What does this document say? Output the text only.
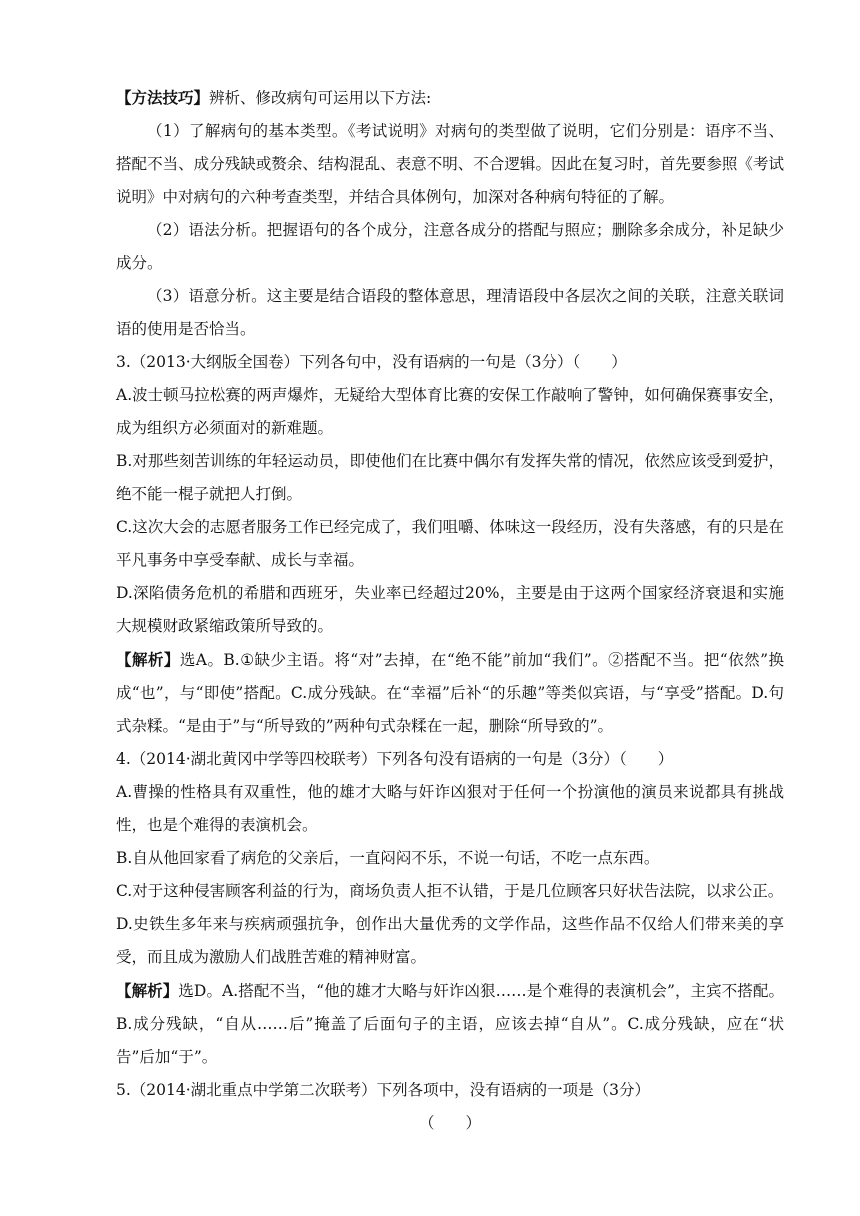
【方法技巧】辨析、修改病句可运用以下方法:

（1）了解病句的基本类型。《考试说明》对病句的类型做了说明，它们分别是：语序不当、搭配不当、成分残缺或赘余、结构混乱、表意不明、不合逻辑。因此在复习时，首先要参照《考试说明》中对病句的六种考查类型，并结合具体例句，加深对各种病句特征的了解。

（2）语法分析。把握语句的各个成分，注意各成分的搭配与照应；删除多余成分，补足缺少成分。

（3）语意分析。这主要是结合语段的整体意思，理清语段中各层次之间的关联，注意关联词语的使用是否恰当。

3.（2013·大纲版全国卷）下列各句中，没有语病的一句是（3分）（　　）

A.波士顿马拉松赛的两声爆炸，无疑给大型体育比赛的安保工作敲响了警钟，如何确保赛事安全，成为组织方必须面对的新难题。

B.对那些刻苦训练的年轻运动员，即使他们在比赛中偶尔有发挥失常的情况，依然应该受到爱护，绝不能一棍子就把人打倒。

C.这次大会的志愿者服务工作已经完成了，我们咀嚼、体味这一段经历，没有失落感，有的只是在平凡事务中享受奉献、成长与幸福。

D.深陷债务危机的希腊和西班牙，失业率已经超过20%，主要是由于这两个国家经济衰退和实施大规模财政紧缩政策所导致的。

【解析】选A。B.①缺少主语。将“对”去掉，在“绝不能”前加“我们”。②搭配不当。把“依然”换成“也”，与“即使”搭配。C.成分残缺。在“幸福”后补“的乐趣”等类似宾语，与“享受”搭配。D.句式杂糅。“是由于”与“所导致的”两种句式杂糅在一起，删除“所导致的”。

4.（2014·湖北黄冈中学等四校联考）下列各句没有语病的一句是（3分）（　　）

A.曹操的性格具有双重性，他的雄才大略与奸诈凶狠对于任何一个扮演他的演员来说都具有挑战性，也是个难得的表演机会。

B.自从他回家看了病危的父亲后，一直闷闷不乐，不说一句话，不吃一点东西。

C.对于这种侵害顾客利益的行为，商场负责人拒不认错，于是几位顾客只好状告法院，以求公正。

D.史铁生多年来与疾病顽强抗争，创作出大量优秀的文学作品，这些作品不仅给人们带来美的享受，而且成为激励人们战胜苦难的精神财富。

【解析】选D。A.搭配不当，“他的雄才大略与奸诈凶狠……是个难得的表演机会”，主宾不搭配。B.成分残缺，“自从……后”掩盖了后面句子的主语，应该去掉“自从”。C.成分残缺，应在“状告”后加“于”。

5.（2014·湖北重点中学第二次联考）下列各项中，没有语病的一项是（3分）

（　　）
